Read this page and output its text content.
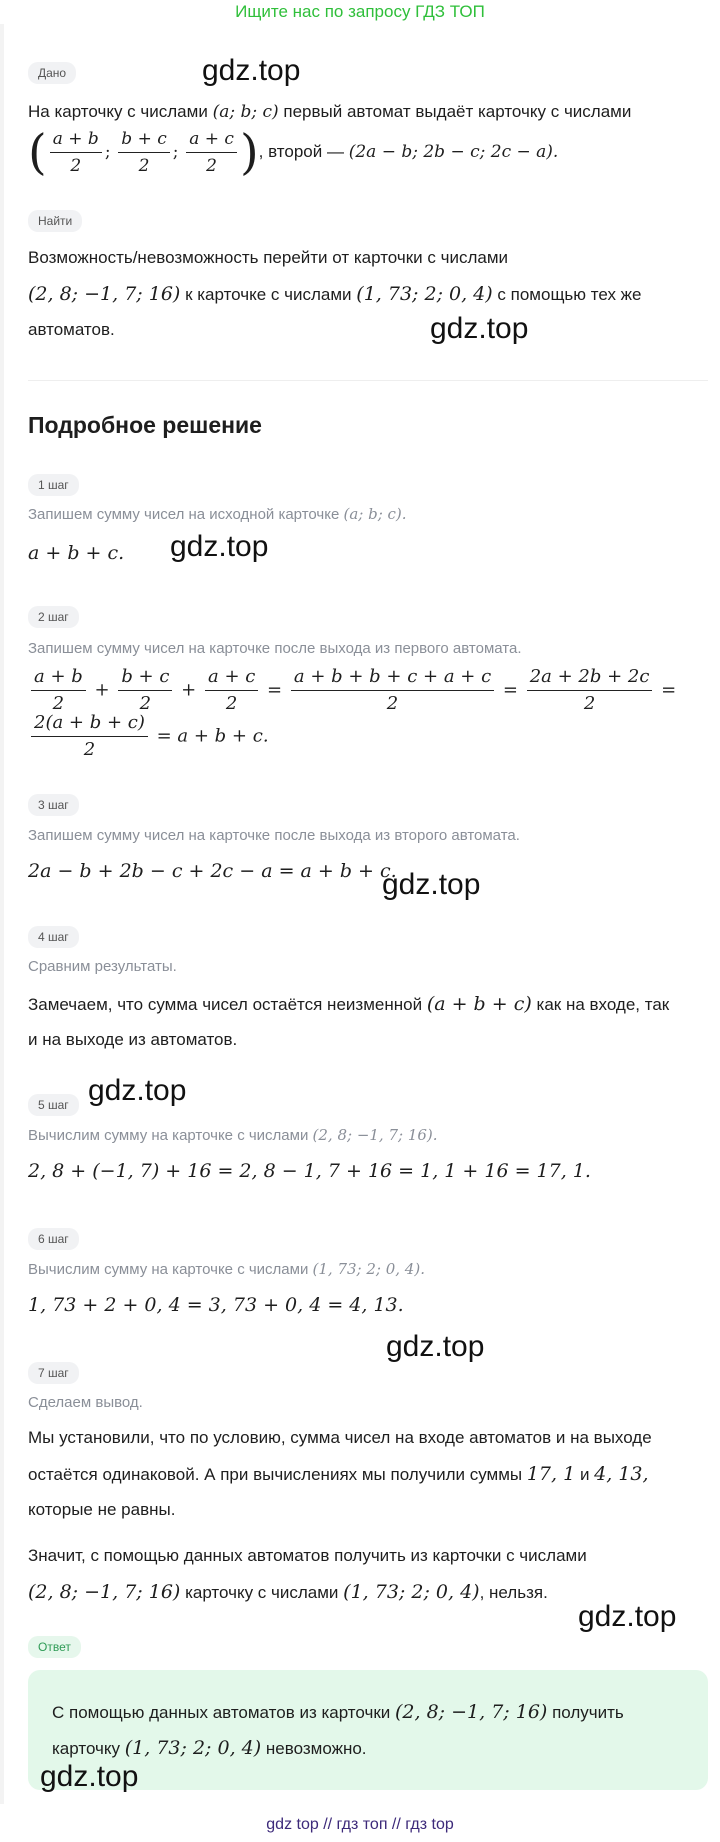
Ищите нас по запросу ГДЗ ТОП
Дано	gdz.top
На карточку с числами (a; b; c) первый автомат выдаёт карточку с числами
( $\frac{a + b}{2}$ ; $\frac{b + c}{2}$ ; $\frac{a + c}{2}$ ), второй — (2a − b; 2b − c; 2c − a).
Найти
Возможность/невозможность перейти от карточки с числами
(2, 8; −1, 7; 16) к карточке с числами (1, 73; 2; 0, 4) с помощью тех же
автоматов.	gdz.top
Подробное решение
1 шаг
Запишем сумму чисел на исходной карточке (a; b; c).
a + b + c. gdz.top
2 шаг
Запишем сумму чисел на карточке после выхода из первого автомата.
$\frac{a + b}{2} + \frac{b + c}{2} + \frac{a + c}{2} = \frac{a + b + b + c + a + c}{2} = \frac{2a + 2b + 2c}{2}$ =
$\frac{2(a + b + c)}{2} = a + b + c$.
3 шаг
Запишем сумму чисел на карточке после выхода из второго автомата.
2a − b + 2b − c + 2c − a = a + b + c.
gdz.top
4 шаг
Сравним результаты.
Замечаем, что сумма чисел остаётся неизменной (a + b + c) как на входе, так
и на выходе из автоматов.
gdz.top
5 шаг
Вычислим сумму на карточке с числами (2, 8; −1, 7; 16).
2, 8 + (−1, 7) + 16 = 2, 8 − 1, 7 + 16 = 1, 1 + 16 = 17, 1.
6 шаг
Вычислим сумму на карточке с числами (1, 73; 2; 0, 4).
1, 73 + 2 + 0, 4 = 3, 73 + 0, 4 = 4, 13.
gdz.top
7 шаг
Сделаем вывод.
Мы установили, что по условию, сумма чисел на входе автоматов и на выходе
остаётся одинаковой. А при вычислениях мы получили суммы 17, 1 и 4, 13,
которые не равны.
Значит, с помощью данных автоматов получить из карточки с числами
(2, 8; −1, 7; 16) карточку с числами (1, 73; 2; 0, 4), нельзя.
gdz.top
Ответ
С помощью данных автоматов из карточки (2, 8; −1, 7; 16) получить
карточку (1, 73; 2; 0, 4) невозможно.
gdz.top
gdz top // гдз топ // гдз top
